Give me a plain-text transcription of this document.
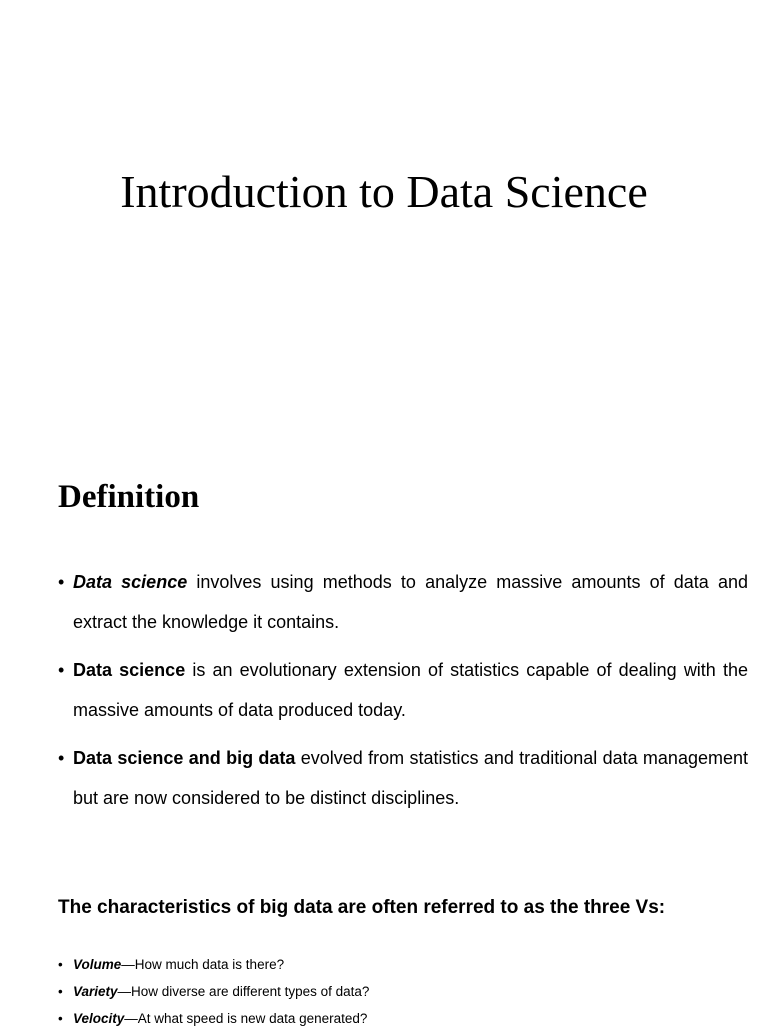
Introduction to Data Science
Definition
• Data science involves using methods to analyze massive amounts of data and extract the knowledge it contains.
• Data science is an evolutionary extension of statistics capable of dealing with the massive amounts of data produced today.
• Data science and big data evolved from statistics and traditional data management but are now considered to be distinct disciplines.
The characteristics of big data are often referred to as the three Vs:
• Volume—How much data is there?
• Variety—How diverse are different types of data?
• Velocity—At what speed is new data generated?
